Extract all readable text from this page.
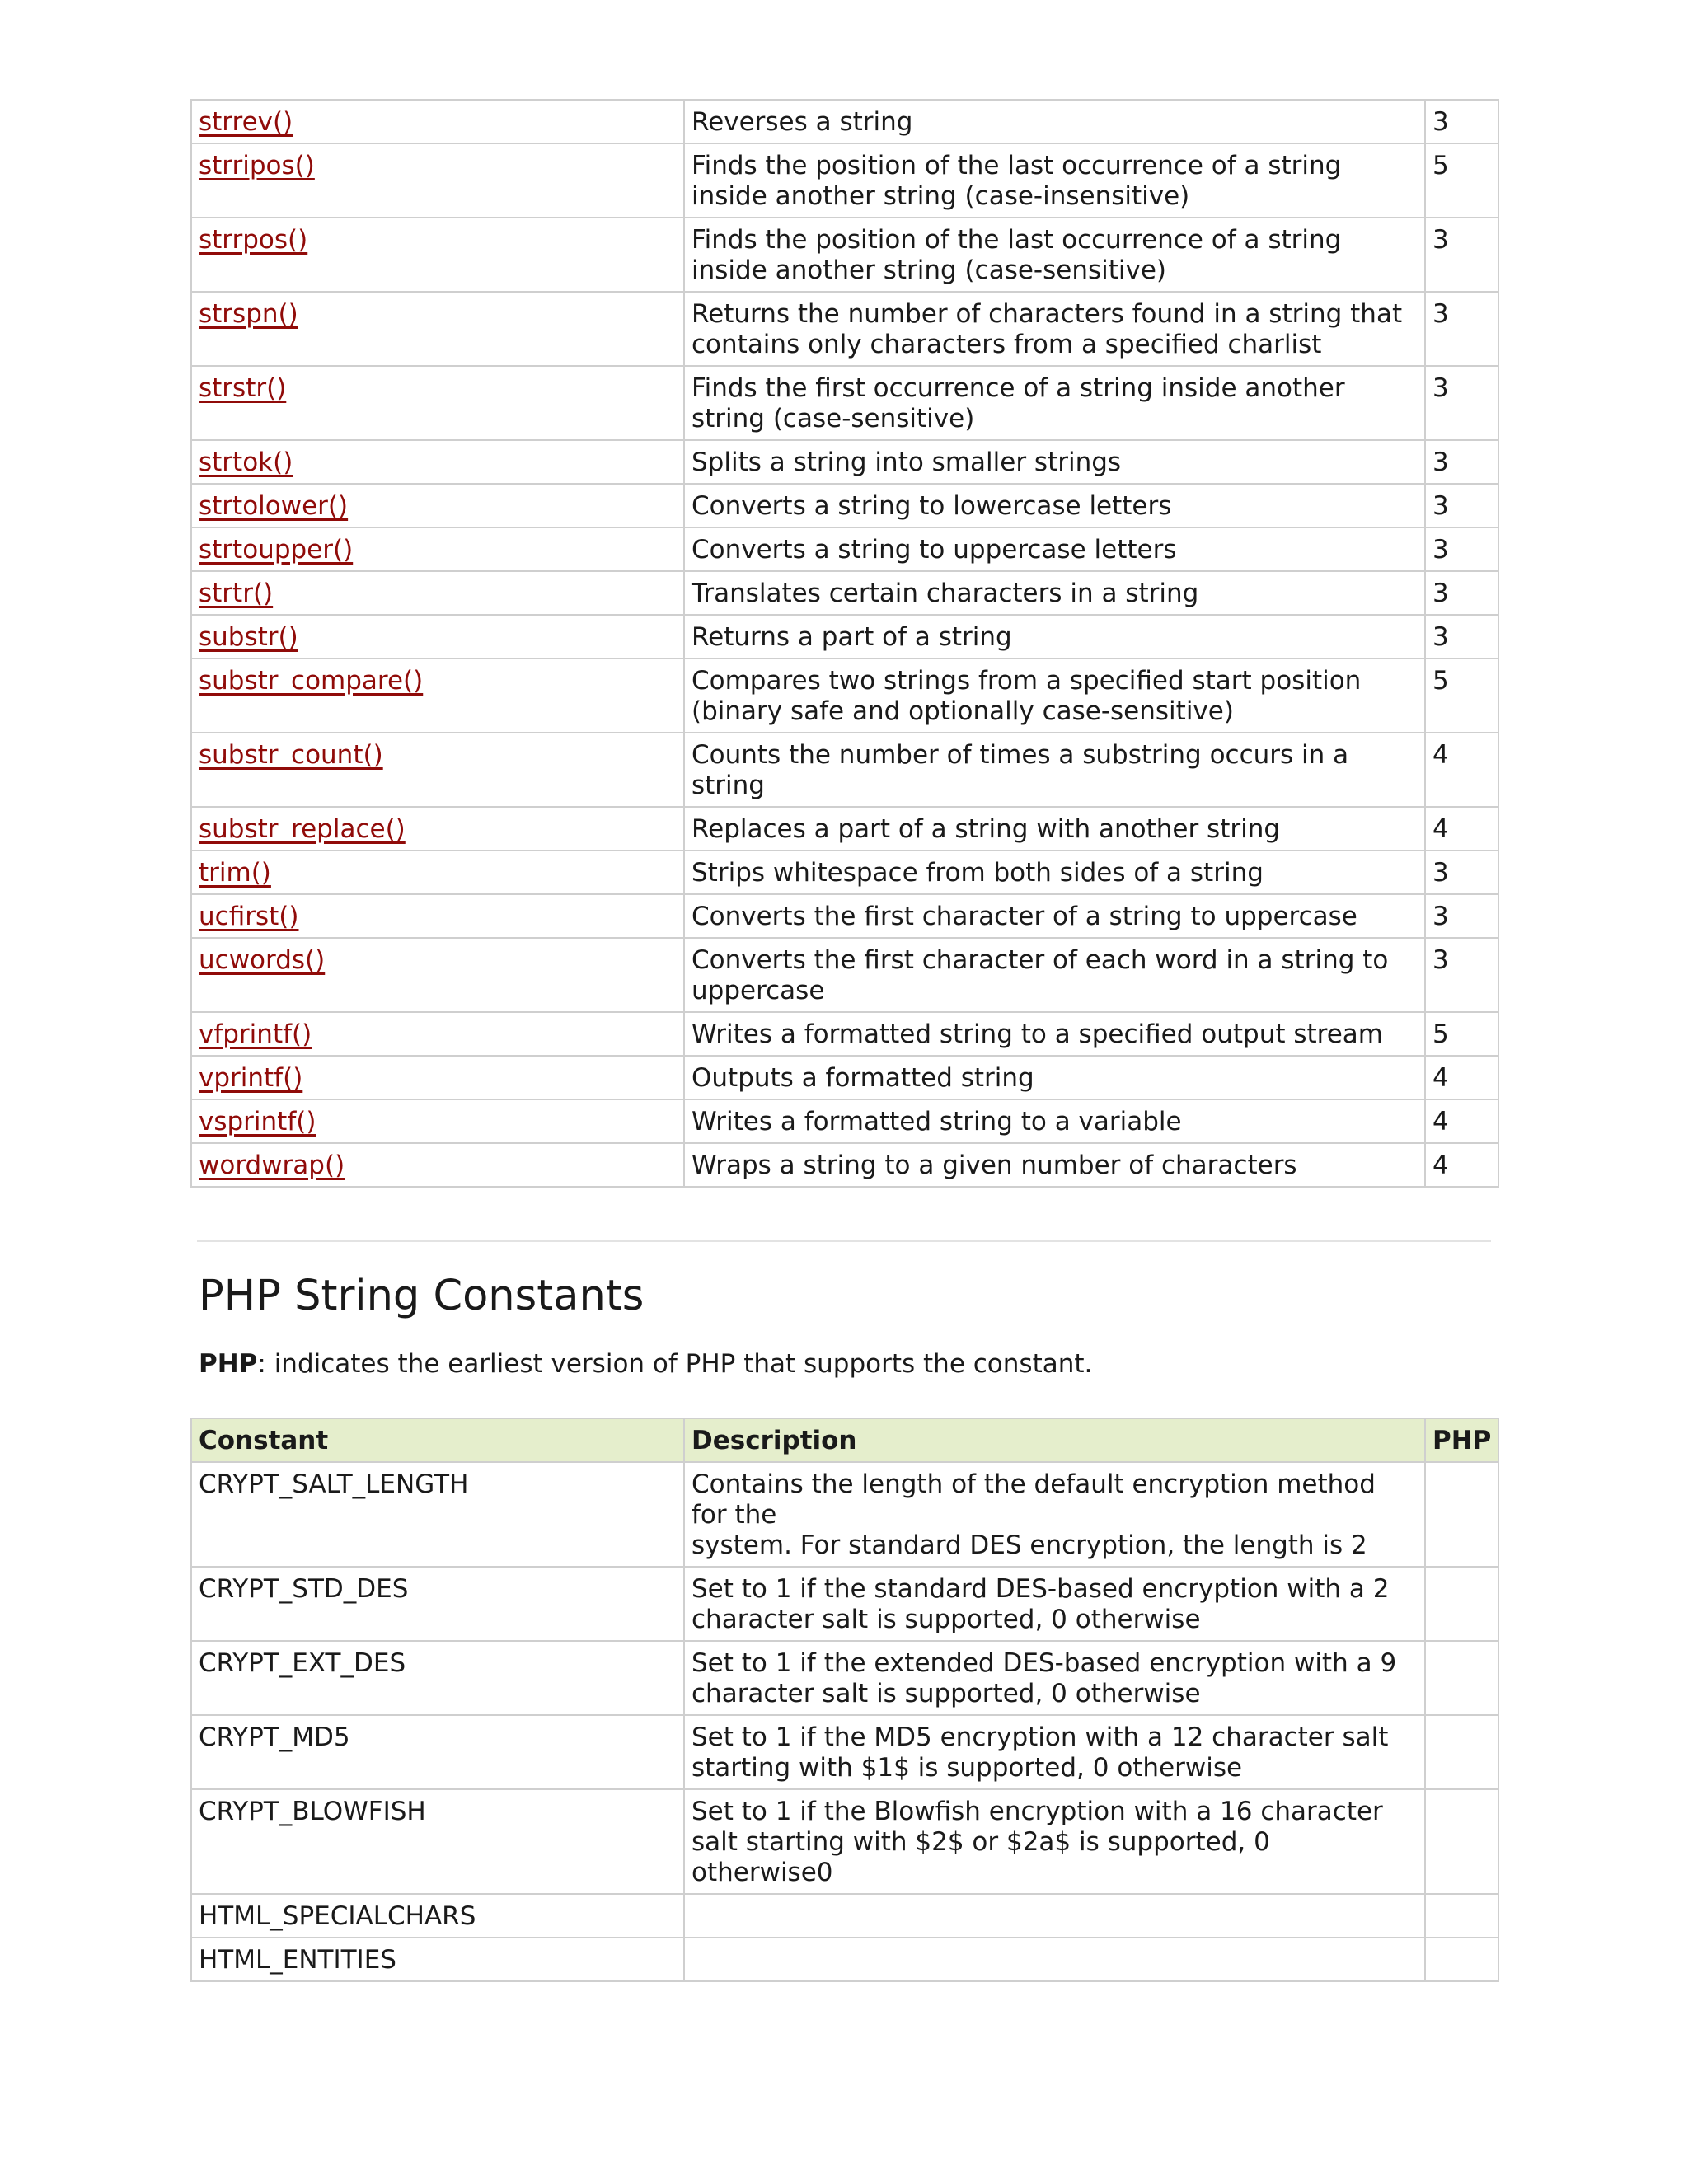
strrev()	Reverses a string	3
strripos()	Finds the position of the last occurrence of a string inside another string (case-insensitive)	5
strrpos()	Finds the position of the last occurrence of a string inside another string (case-sensitive)	3
strspn()	Returns the number of characters found in a string that contains only characters from a specified charlist	3
strstr()	Finds the first occurrence of a string inside another string (case-sensitive)	3
strtok()	Splits a string into smaller strings	3
strtolower()	Converts a string to lowercase letters	3
strtoupper()	Converts a string to uppercase letters	3
strtr()	Translates certain characters in a string	3
substr()	Returns a part of a string	3
substr_compare()	Compares two strings from a specified start position (binary safe and optionally case-sensitive)	5
substr_count()	Counts the number of times a substring occurs in a string	4
substr_replace()	Replaces a part of a string with another string	4
trim()	Strips whitespace from both sides of a string	3
ucfirst()	Converts the first character of a string to uppercase	3
ucwords()	Converts the first character of each word in a string to uppercase	3
vfprintf()	Writes a formatted string to a specified output stream	5
vprintf()	Outputs a formatted string	4
vsprintf()	Writes a formatted string to a variable	4
wordwrap()	Wraps a string to a given number of characters	4
PHP String Constants

PHP: indicates the earliest version of PHP that supports the constant.

Constant	Description	PHP
CRYPT_SALT_LENGTH	Contains the length of the default encryption method for the
system. For standard DES encryption, the length is 2	
CRYPT_STD_DES	Set to 1 if the standard DES-based encryption with a 2 character salt is supported, 0 otherwise	
CRYPT_EXT_DES	Set to 1 if the extended DES-based encryption with a 9 character salt is supported, 0 otherwise	
CRYPT_MD5	Set to 1 if the MD5 encryption with a 12 character salt starting with $1$ is supported, 0 otherwise	
CRYPT_BLOWFISH	Set to 1 if the Blowfish encryption with a 16 character salt starting with $2$ or $2a$ is supported, 0 otherwise0	
HTML_SPECIALCHARS		
HTML_ENTITIES		
